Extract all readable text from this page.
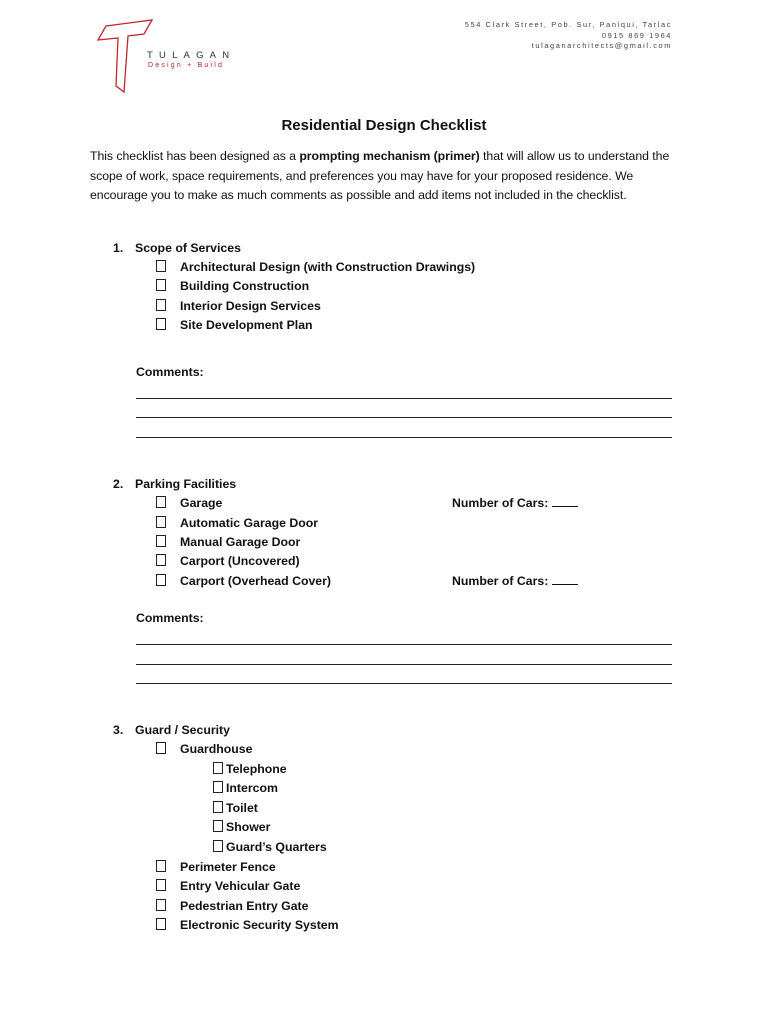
TULAGAN
Design + Build
554 Clark Street, Pob. Sur, Paniqui, Tarlac
0915 869 1964
tulaganarchitects@gmail.com
Residential Design Checklist
This checklist has been designed as a prompting mechanism (primer) that will allow us to understand the scope of work, space requirements, and preferences you may have for your proposed residence. We encourage you to make as much comments as possible and add items not included in the checklist.
1. Scope of Services
Architectural Design (with Construction Drawings)
Building Construction
Interior Design Services
Site Development Plan
Comments:
2. Parking Facilities
Garage	Number of Cars:
Automatic Garage Door
Manual Garage Door
Carport (Uncovered)
Carport (Overhead Cover)	Number of Cars:
Comments:
3. Guard / Security
Guardhouse
Telephone
Intercom
Toilet
Shower
Guard’s Quarters
Perimeter Fence
Entry Vehicular Gate
Pedestrian Entry Gate
Electronic Security System
